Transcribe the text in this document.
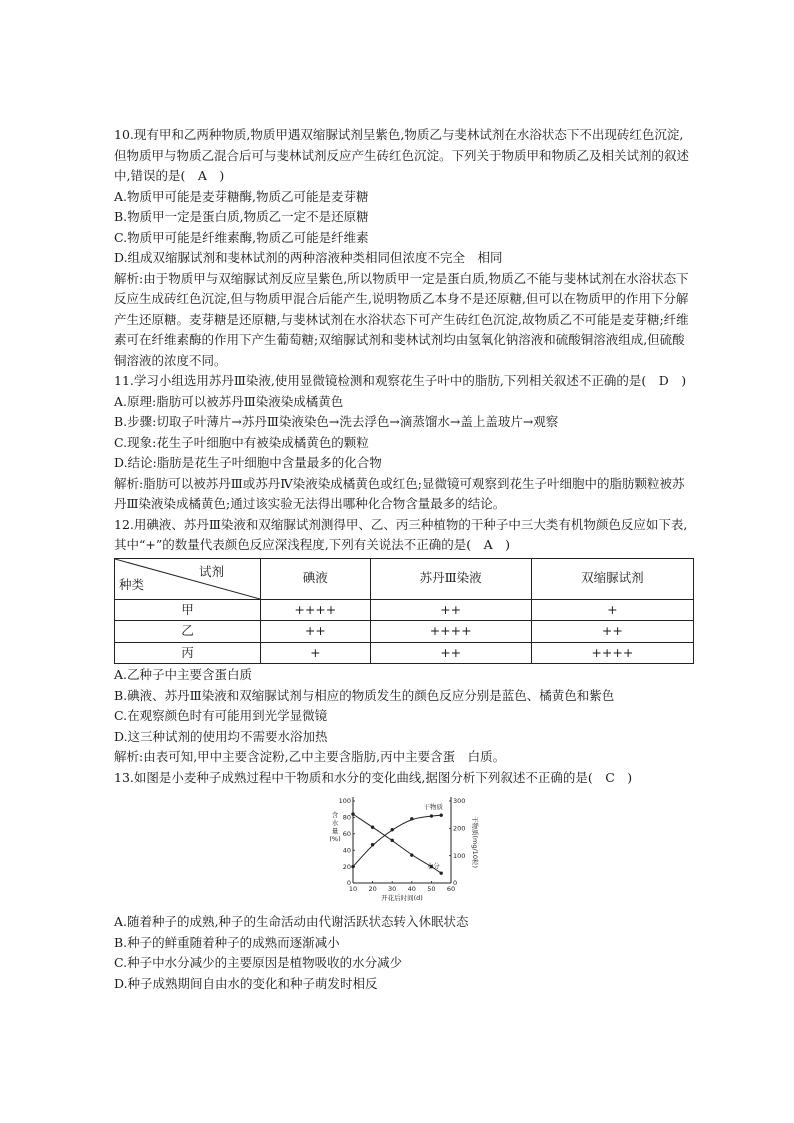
10.现有甲和乙两种物质,物质甲遇双缩脲试剂呈紫色,物质乙与斐林试剂在水浴状态下不出现砖红色沉淀,但物质甲与物质乙混合后可与斐林试剂反应产生砖红色沉淀。下列关于物质甲和物质乙及相关试剂的叙述中,错误的是(　A　)

A.物质甲可能是麦芽糖酶,物质乙可能是麦芽糖

B.物质甲一定是蛋白质,物质乙一定不是还原糖

C.物质甲可能是纤维素酶,物质乙可能是纤维素

D.组成双缩脲试剂和斐林试剂的两种溶液种类相同但浓度不完全　相同

解析:由于物质甲与双缩脲试剂反应呈紫色,所以物质甲一定是蛋白质,物质乙不能与斐林试剂在水浴状态下反应生成砖红色沉淀,但与物质甲混合后能产生,说明物质乙本身不是还原糖,但可以在物质甲的作用下分解产生还原糖。麦芽糖是还原糖,与斐林试剂在水浴状态下可产生砖红色沉淀,故物质乙不可能是麦芽糖;纤维素可在纤维素酶的作用下产生葡萄糖;双缩脲试剂和斐林试剂均由氢氧化钠溶液和硫酸铜溶液组成,但硫酸铜溶液的浓度不同。

11.学习小组选用苏丹Ⅲ染液,使用显微镜检测和观察花生子叶中的脂肪,下列相关叙述不正确的是(　D　)

A.原理:脂肪可以被苏丹Ⅲ染液染成橘黄色

B.步骤:切取子叶薄片→苏丹Ⅲ染液染色→洗去浮色→滴蒸馏水→盖上盖玻片→观察

C.现象:花生子叶细胞中有被染成橘黄色的颗粒

D.结论:脂肪是花生子叶细胞中含量最多的化合物

解析:脂肪可以被苏丹Ⅲ或苏丹Ⅳ染液染成橘黄色或红色;显微镜可观察到花生子叶细胞中的脂肪颗粒被苏丹Ⅲ染液染成橘黄色;通过该实验无法得出哪种化合物含量最多的结论。

12.用碘液、苏丹Ⅲ染液和双缩脲试剂测得甲、乙、丙三种植物的干种子中三大类有机物颜色反应如下表,其中“+”的数量代表颜色反应深浅程度,下列有关说法不正确的是(　A　)

试剂
种类	碘液	苏丹Ⅲ染液	双缩脲试剂
甲	++++	++	+
乙	++	++++	++
丙	+	++	++++

A.乙种子中主要含蛋白质

B.碘液、苏丹Ⅲ染液和双缩脲试剂与相应的物质发生的颜色反应分别是蓝色、橘黄色和紫色

C.在观察颜色时有可能用到光学显微镜

D.这三种试剂的使用均不需要水浴加热

解析:由表可知,甲中主要含淀粉,乙中主要含脂肪,丙中主要含蛋　白质。

13.如图是小麦种子成熟过程中干物质和水分的变化曲线,据图分析下列叙述不正确的是(　C　)

10 20 30 40 50 60
0
20
40
60
80
100
0
100
200
300
开花后时间(d)
含
水
量
(%)	干物质(mg/10粒)
水分
干物质

A.随着种子的成熟,种子的生命活动由代谢活跃状态转入休眠状态

B.种子的鲜重随着种子的成熟而逐渐减小

C.种子中水分减少的主要原因是植物吸收的水分减少

D.种子成熟期间自由水的变化和种子萌发时相反
